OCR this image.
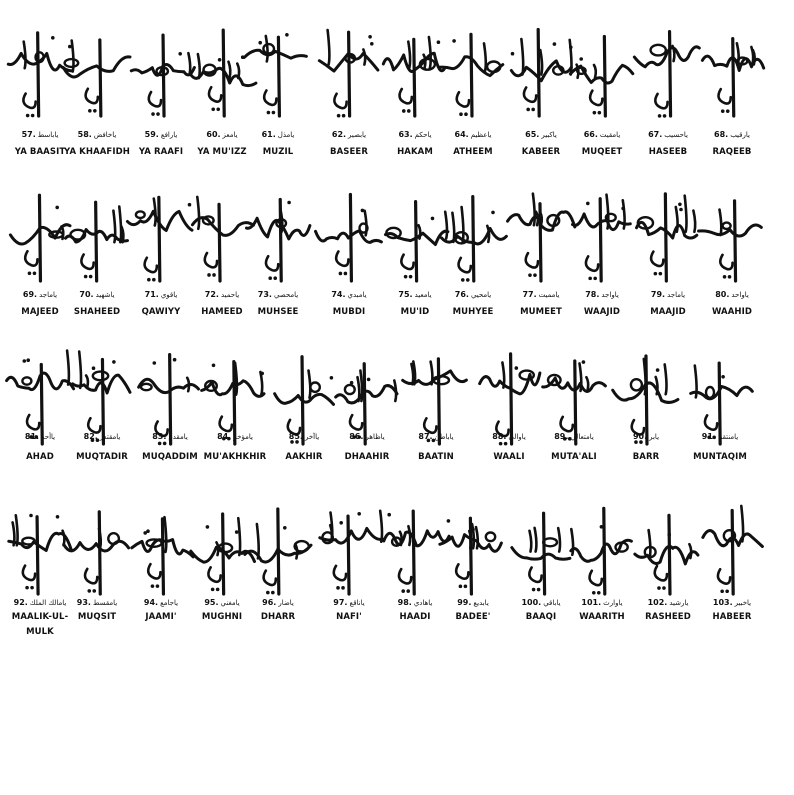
57. ياباسط
YA BAASIT
58. ياخافض
YA KHAAFIDH
59. يارافع
YA RAAFI
60. يامعز
YA MU'IZZ
61. يامذل
MUZIL
62. يابصير
BASEER
63. ياحكم
HAKAM
64. ياعظيم
ATHEEM
65. ياكبير
KABEER
66. يامقيت
MUQEET
67. ياحسيب
HASEEB
68. يارقيب
RAQEEB
69. ياماجد
MAJEED
70. ياشهيد
SHAHEED
71. ياقوي
QAWIYY
72. ياحميد
HAMEED
73. يامحصي
MUHSEE
74. يامبدي
MUBDI
75. يامعيد
MU'ID
76. يامحيي
MUHYEE
77. يامميت
MUMEET
78. ياواجد
WAAJID
79. ياماجد
MAAJID
80. ياواحد
WAAHID
81. ياأحد
AHAD
82. يامقتدر
MUQTADIR
83. يامقدم
MUQADDIM
84. يامؤخر
MU'AKHKHIR
85. ياآخر
AAKHIR
86. ياظاهر
DHAAHIR
87. ياباطن
BAATIN
88. ياوالي
WAALI
89. يامتعالي
MUTA'ALI
90. يابر
BARR
91. يامنتقم
MUNTAQIM
92. يامالك الملك
MAALIK-UL-MULK
93. يامقسط
MUQSIT
94. ياجامع
JAAMI'
95. يامغني
MUGHNI
96. ياضار
DHARR
97. ياناقع
NAFI'
98. ياهادي
HAADI
99. يابديع
BADEE'
100. ياباقي
BAAQI
101. ياوارث
WAARITH
102. يارشيد
RASHEED
103. ياخبير
HABEER
